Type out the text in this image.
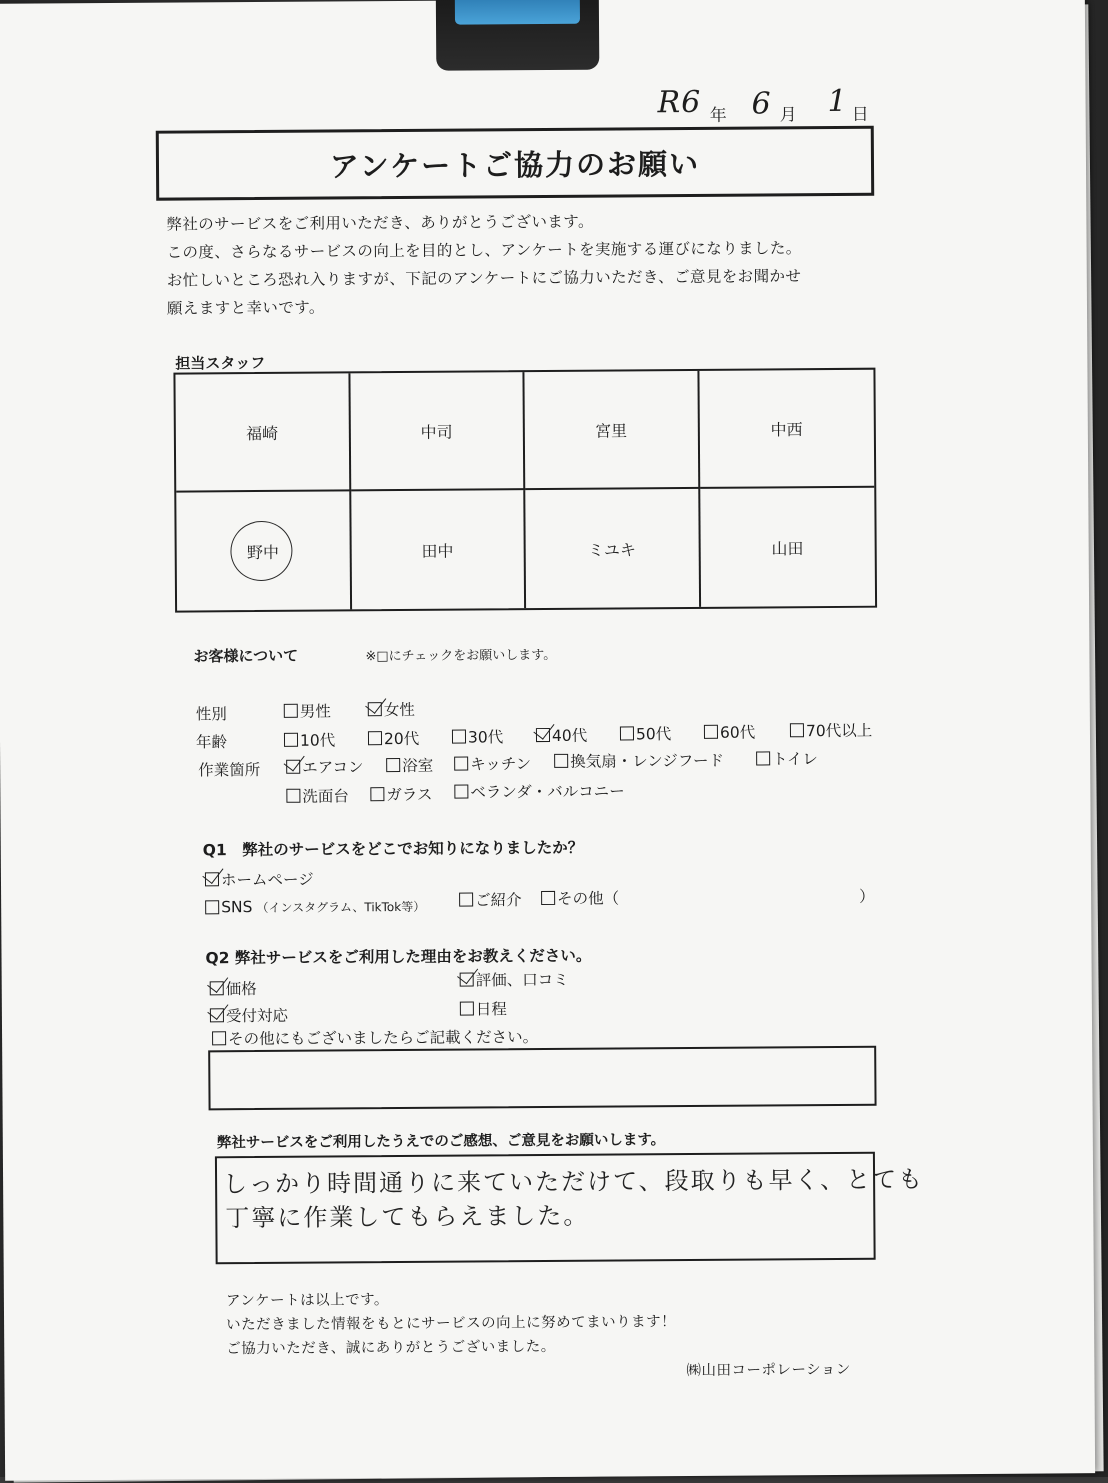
R6 年 6 月 1 日
アンケートご協力のお願い
弊社のサービスをご利用いただき、ありがとうございます。
この度、さらなるサービスの向上を目的とし、アンケートを実施する運びになりました。
お忙しいところ恐れ入りますが、下記のアンケートにご協力いただき、ご意見をお聞かせ
願えますと幸いです。
担当スタッフ
福崎	中司	宮里	中西
野中	田中	ミユキ	山田
お客様について	※□にチェックをお願いします。
性別	男性	女性
年齢	10代	20代	30代	40代	50代	60代	70代以上
作業箇所	エアコン 浴室 キッチン	換気扇・レンジフード	トイレ
洗面台 ガラス ベランダ・バルコニー
Q1　弊社のサービスをどこでお知りになりましたか？
ホームページ
SNS （インスタグラム、TikTok等）	ご紹介 その他（	）
Q2 弊社サービスをご利用した理由をお教えください。
価格	評価、口コミ
受付対応	日程
その他にもございましたらご記載ください。
弊社サービスをご利用したうえでのご感想、ご意見をお願いします。
しっかり時間通りに来ていただけて、段取りも早く、とても
丁寧に作業してもらえました。
アンケートは以上です。
いただきました情報をもとにサービスの向上に努めてまいります！
ご協力いただき、誠にありがとうございました。
㈱山田コーポレーション
